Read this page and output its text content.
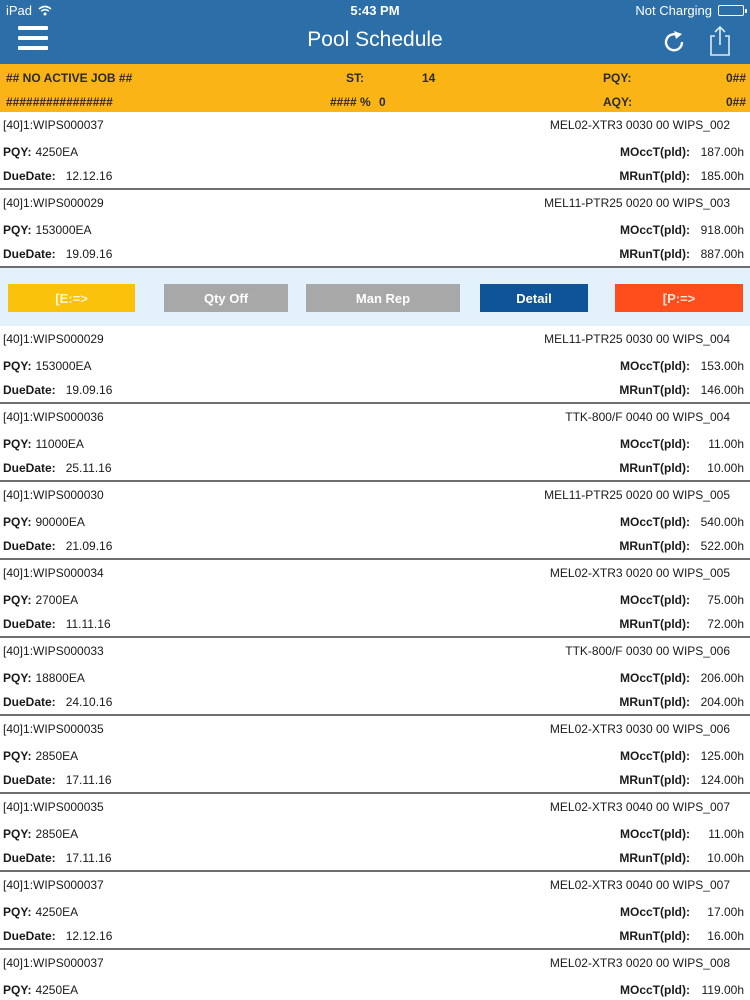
iPad	5:43 PM	Not Charging
Pool Schedule
## NO ACTIVE JOB ##
################
ST:	14
#### % 0
PQY:	0##
AQY:	0##
[40]1:WIPS000037	MEL02-XTR3 0030 00 WIPS_002
PQY: 4250EA
DueDate: 12.12.16
MOccT(pld): 187.00h
MRunT(pld): 185.00h
[40]1:WIPS000029	MEL11-PTR25 0020 00 WIPS_003
PQY: 153000EA
DueDate: 19.09.16
MOccT(pld): 918.00h
MRunT(pld): 887.00h
[E:=>	Qty Off	Man Rep	Detail	[P:=>
[40]1:WIPS000029	MEL11-PTR25 0030 00 WIPS_004
PQY: 153000EA
DueDate: 19.09.16
MOccT(pld): 153.00h
MRunT(pld): 146.00h
[40]1:WIPS000036	TTK-800/F 0040 00 WIPS_004
PQY: 11000EA
DueDate: 25.11.16
MOccT(pld):	11.00h
MRunT(pld):	10.00h
[40]1:WIPS000030	MEL11-PTR25 0020 00 WIPS_005
PQY: 90000EA
DueDate: 21.09.16
MOccT(pld): 540.00h
MRunT(pld): 522.00h
[40]1:WIPS000034	MEL02-XTR3 0020 00 WIPS_005
PQY: 2700EA
DueDate: 11.11.16
MOccT(pld):	75.00h
MRunT(pld):	72.00h
[40]1:WIPS000033	TTK-800/F 0030 00 WIPS_006
PQY: 18800EA
DueDate: 24.10.16
MOccT(pld): 206.00h
MRunT(pld): 204.00h
[40]1:WIPS000035	MEL02-XTR3 0030 00 WIPS_006
PQY: 2850EA
DueDate: 17.11.16
MOccT(pld): 125.00h
MRunT(pld): 124.00h
[40]1:WIPS000035	MEL02-XTR3 0040 00 WIPS_007
PQY: 2850EA
DueDate: 17.11.16
MOccT(pld):	11.00h
MRunT(pld):	10.00h
[40]1:WIPS000037	MEL02-XTR3 0040 00 WIPS_007
PQY: 4250EA
DueDate: 12.12.16
MOccT(pld):	17.00h
MRunT(pld):	16.00h
[40]1:WIPS000037	MEL02-XTR3 0020 00 WIPS_008
PQY: 4250EA	MOccT(pld): 119.00h
